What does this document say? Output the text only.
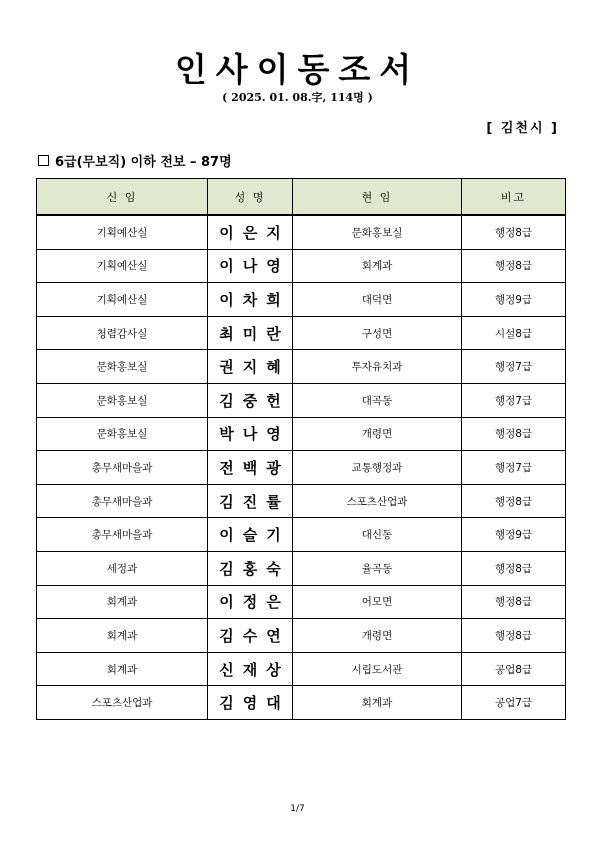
인사이동조서
( 2025. 01. 08.字, 114명 )
[ 김천시 ]
6급(무보직) 이하 전보 – 87명
신 임	성 명	현 임	비고
기획예산실	이은지	문화홍보실	행정8급
기획예산실	이나영	회계과	행정8급
기획예산실	이차희	대덕면	행정9급
청렴감사실	최미란	구성면	시설8급
문화홍보실	권지혜	투자유치과	행정7급
문화홍보실	김중헌	대곡동	행정7급
문화홍보실	박나영	개령면	행정8급
총무새마을과	전백광	교통행정과	행정7급
총무새마을과	김진률	스포츠산업과	행정8급
총무새마을과	이슬기	대신동	행정9급
세정과	김홍숙	율곡동	행정8급
회계과	이정은	어모면	행정8급
회계과	김수연	개령면	행정8급
회계과	신재상	시립도서관	공업8급
스포츠산업과	김영대	회계과	공업7급
1/7
